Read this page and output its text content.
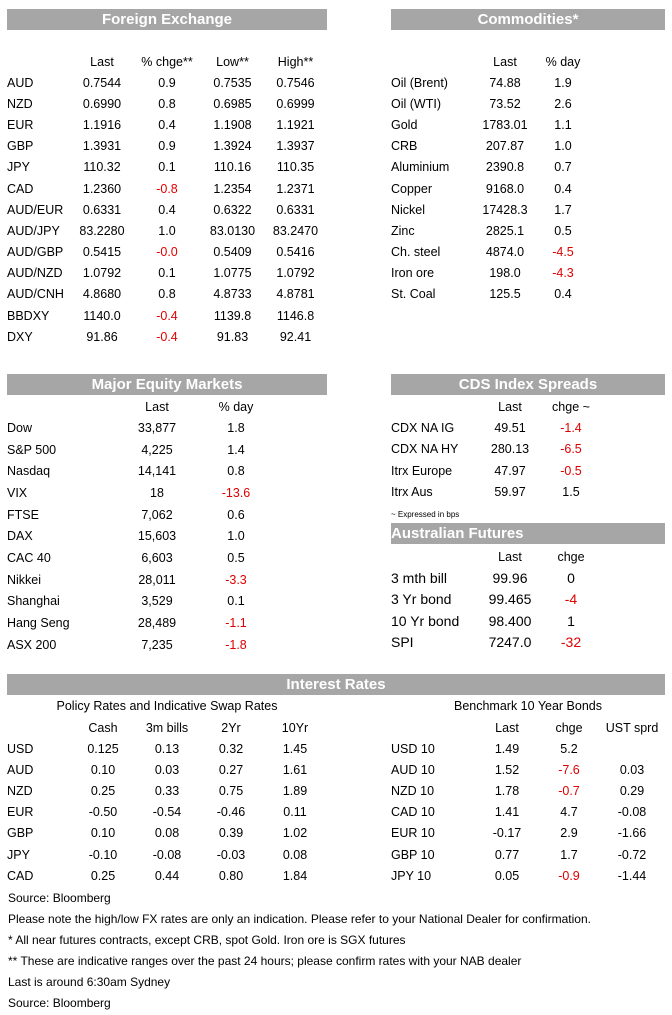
Foreign Exchange
	Last	% chge**	Low**	High**
AUD	0.7544	0.9	0.7535	0.7546
NZD	0.6990	0.8	0.6985	0.6999
EUR	1.1916	0.4	1.1908	1.1921
GBP	1.3931	0.9	1.3924	1.3937
JPY	110.32	0.1	110.16	110.35
CAD	1.2360	-0.8	1.2354	1.2371
AUD/EUR	0.6331	0.4	0.6322	0.6331
AUD/JPY	83.2280	1.0	83.0130	83.2470
AUD/GBP	0.5415	-0.0	0.5409	0.5416
AUD/NZD	1.0792	0.1	1.0775	1.0792
AUD/CNH	4.8680	0.8	4.8733	4.8781
BBDXY	1140.0	-0.4	1139.8	1146.8
DXY	91.86	-0.4	91.83	92.41
Commodities*
	Last	% day
Oil (Brent)	74.88	1.9
Oil (WTI)	73.52	2.6
Gold	1783.01	1.1
CRB	207.87	1.0
Aluminium	2390.8	0.7
Copper	9168.0	0.4
Nickel	17428.3	1.7
Zinc	2825.1	0.5
Ch. steel	4874.0	-4.5
Iron ore	198.0	-4.3
St. Coal	125.5	0.4
Major Equity Markets
	Last	% day
Dow	33,877	1.8
S&P 500	4,225	1.4
Nasdaq	14,141	0.8
VIX	18	-13.6
FTSE	7,062	0.6
DAX	15,603	1.0
CAC 40	6,603	0.5
Nikkei	28,011	-3.3
Shanghai	3,529	0.1
Hang Seng	28,489	-1.1
ASX 200	7,235	-1.8
CDS Index Spreads
	Last	chge ~
CDX NA IG	49.51	-1.4
CDX NA HY	280.13	-6.5
Itrx Europe	47.97	-0.5
Itrx Aus	59.97	1.5
~ Expressed in bps
Australian Futures
	Last	chge
3 mth bill	99.96	0
3 Yr bond	99.465	-4
10 Yr bond	98.400	1
SPI	7247.0	-32
Interest Rates
Policy Rates and Indicative Swap Rates
	Cash	3m bills	2Yr	10Yr
USD	0.125	0.13	0.32	1.45
AUD	0.10	0.03	0.27	1.61
NZD	0.25	0.33	0.75	1.89
EUR	-0.50	-0.54	-0.46	0.11
GBP	0.10	0.08	0.39	1.02
JPY	-0.10	-0.08	-0.03	0.08
CAD	0.25	0.44	0.80	1.84
Benchmark 10 Year Bonds
	Last	chge	UST sprd
USD 10	1.49	5.2	
AUD 10	1.52	-7.6	0.03
NZD 10	1.78	-0.7	0.29
CAD 10	1.41	4.7	-0.08
EUR 10	-0.17	2.9	-1.66
GBP 10	0.77	1.7	-0.72
JPY 10	0.05	-0.9	-1.44
Source: Bloomberg
Please note the high/low FX rates are only an indication. Please refer to your National Dealer for confirmation.
* All near futures contracts, except CRB, spot Gold. Iron ore is SGX futures
** These are indicative ranges over the past 24 hours; please confirm rates with your NAB dealer
Last is around 6:30am Sydney
Source: Bloomberg
